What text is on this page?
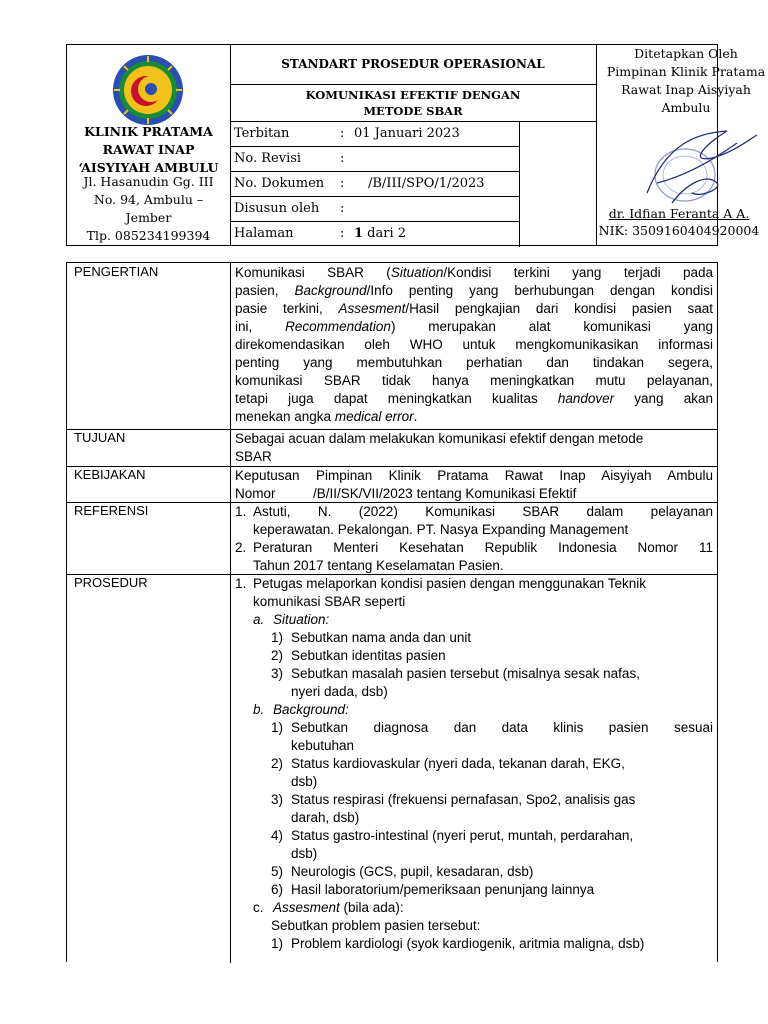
KLINIK PRATAMA
RAWAT INAP
‘AISYIYAH AMBULU
Jl. Hasanudin Gg. III
No. 94, Ambulu –
Jember
Tlp. 085234199394
STANDART PROSEDUR OPERASIONAL
KOMUNIKASI EFEKTIF DENGAN
METODE SBAR
Terbitan	: 01 Januari 2023
No. Revisi	:
No. Dokumen : /B/III/SPO/1/2023
Disusun oleh :
Halaman	: 1 dari 2
Ditetapkan Oleh
Pimpinan Klinik Pratama
Rawat Inap Aisyiyah
Ambulu
dr. Idfian Feranta A A.
NIK: 3509160404920004
PENGERTIAN	Komunikasi SBAR (Situation/Kondisi terkini yang terjadi pada
pasien, Background/Info penting yang berhubungan dengan kondisi
pasie terkini, Assesment/Hasil pengkajian dari kondisi pasien saat
ini, Recommendation) merupakan alat komunikasi yang
direkomendasikan oleh WHO untuk mengkomunikasikan informasi
penting yang membutuhkan perhatian dan tindakan segera,
komunikasi SBAR tidak hanya meningkatkan mutu pelayanan,
tetapi juga dapat meningkatkan kualitas handover yang akan
menekan angka medical error.
TUJUAN	Sebagai acuan dalam melakukan komunikasi efektif dengan metode
SBAR
KEBIJAKAN	Keputusan Pimpinan Klinik Pratama Rawat Inap Aisyiyah Ambulu
Nomor          /B/II/SK/VII/2023 tentang Komunikasi Efektif
REFERENSI	1. Astuti, N. (2022) Komunikasi SBAR dalam pelayanan
keperawatan. Pekalongan. PT. Nasya Expanding Management
2. Peraturan Menteri Kesehatan Republik Indonesia Nomor 11
Tahun 2017 tentang Keselamatan Pasien.
PROSEDUR	1. Petugas melaporkan kondisi pasien dengan menggunakan Teknik
komunikasi SBAR seperti
a. Situation:
1) Sebutkan nama anda dan unit
2) Sebutkan identitas pasien
3) Sebutkan masalah pasien tersebut (misalnya sesak nafas,
nyeri dada, dsb)
b. Background:
1) Sebutkan diagnosa dan data klinis pasien sesuai
kebutuhan
2) Status kardiovaskular (nyeri dada, tekanan darah, EKG,
dsb)
3) Status respirasi (frekuensi pernafasan, Spo2, analisis gas
darah, dsb)
4) Status gastro-intestinal (nyeri perut, muntah, perdarahan,
dsb)
5) Neurologis (GCS, pupil, kesadaran, dsb)
6) Hasil laboratorium/pemeriksaan penunjang lainnya
c. Assesment (bila ada):
Sebutkan problem pasien tersebut:
1) Problem kardiologi (syok kardiogenik, aritmia maligna, dsb)
